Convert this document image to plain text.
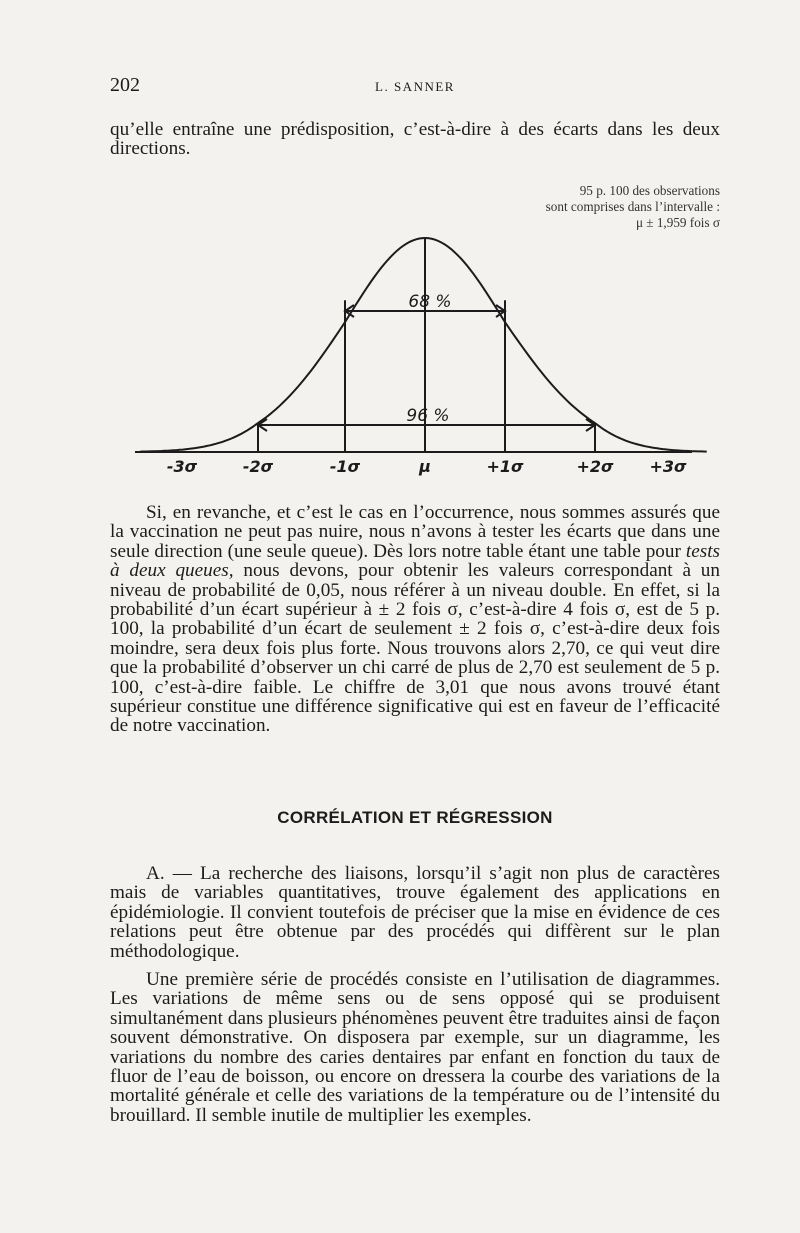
202	L. SANNER

qu’elle entraîne une prédisposition, c’est-à-dire à des écarts dans les deux directions.

95 p. 100 des observations
sont comprises dans l’intervalle :
μ ± 1,959 fois σ
68 %
96 %
-3σ	-2σ	-1σ	μ	+1σ	+2σ +3σ

Si, en revanche, et c’est le cas en l’occurrence, nous sommes assurés que la vaccination ne peut pas nuire, nous n’avons à tester les écarts que dans une seule direction (une seule queue). Dès lors notre table étant une table pour tests à deux queues, nous devons, pour obtenir les valeurs correspondant à un niveau de probabilité de 0,05, nous référer à un niveau double. En effet, si la probabilité d’un écart supérieur à ± 2 fois σ, c’est-à-dire 4 fois σ, est de 5 p. 100, la probabilité d’un écart de seulement ± 2 fois σ, c’est-à-dire deux fois moindre, sera deux fois plus forte. Nous trouvons alors 2,70, ce qui veut dire que la probabilité d’observer un chi carré de plus de 2,70 est seulement de 5 p. 100, c’est-à-dire faible. Le chiffre de 3,01 que nous avons trouvé étant supérieur constitue une différence significative qui est en faveur de l’efficacité de notre vaccination.

CORRÉLATION ET RÉGRESSION

A. — La recherche des liaisons, lorsqu’il s’agit non plus de caractères mais de variables quantitatives, trouve également des applications en épidémiologie. Il convient toutefois de préciser que la mise en évidence de ces relations peut être obtenue par des procédés qui diffèrent sur le plan méthodologique.

Une première série de procédés consiste en l’utilisation de diagrammes. Les variations de même sens ou de sens opposé qui se produisent simultanément dans plusieurs phénomènes peuvent être traduites ainsi de façon souvent démonstrative. On disposera par exemple, sur un diagramme, les variations du nombre des caries dentaires par enfant en fonction du taux de fluor de l’eau de boisson, ou encore on dressera la courbe des variations de la mortalité générale et celle des variations de la température ou de l’intensité du brouillard. Il semble inutile de multiplier les exemples.
